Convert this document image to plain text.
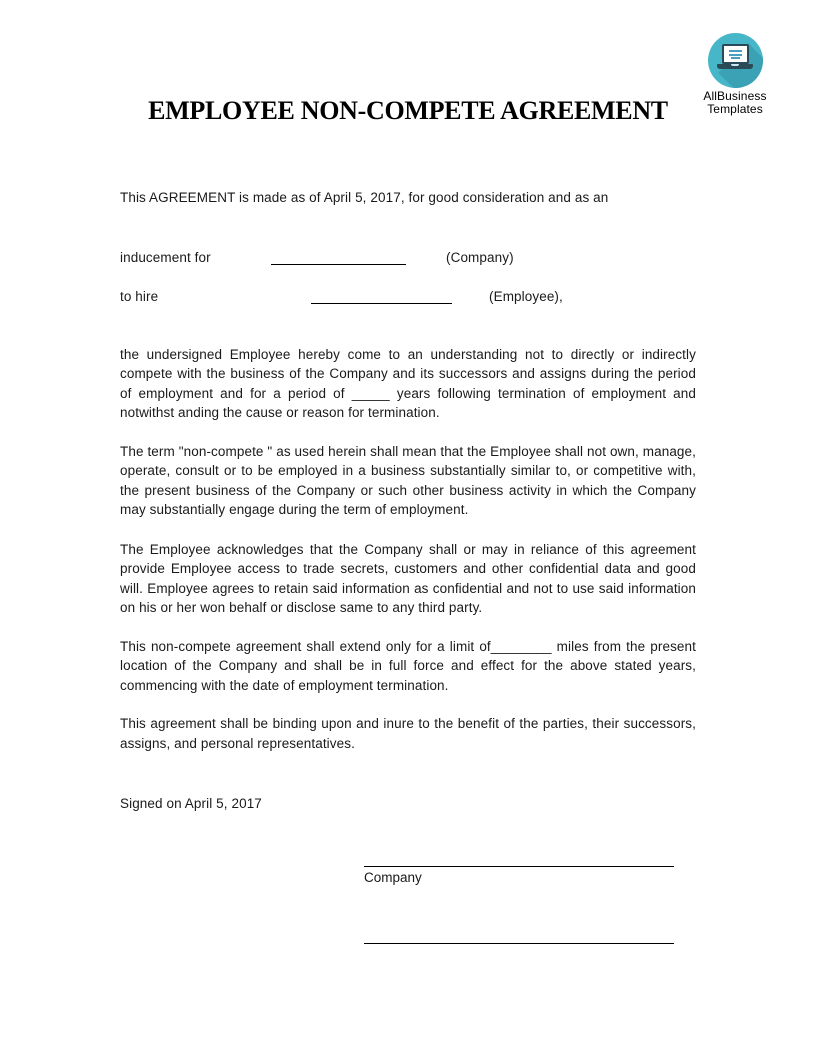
AllBusiness
Templates
EMPLOYEE NON-COMPETE AGREEMENT

This AGREEMENT is made as of April 5, 2017, for good consideration and as an

inducement for	(Company)
to hire	(Employee),

the undersigned Employee hereby come to an understanding not to directly or indirectly compete with the business of the Company and its successors and assigns during the period of employment and for a period of _____ years following termination of employment and notwithst anding the cause or reason for termination.

The term "non-compete " as used herein shall mean that the Employee shall not own, manage, operate, consult or to be employed in a business substantially similar to, or competitive with, the present business of the Company or such other business activity in which the Company may substantially engage during the term of employment.

The Employee acknowledges that the Company shall or may in reliance of this agreement provide Employee access to trade secrets, customers and other confidential data and good will. Employee agrees to retain said information as confidential and not to use said information on his or her won behalf or disclose same to any third party.

This non-compete agreement shall extend only for a limit of________ miles from the present location of the Company and shall be in full force and effect for the above stated years, commencing with the date of employment termination.

This agreement shall be binding upon and inure to the benefit of the parties, their successors, assigns, and personal representatives.

Signed on April 5, 2017

Company
